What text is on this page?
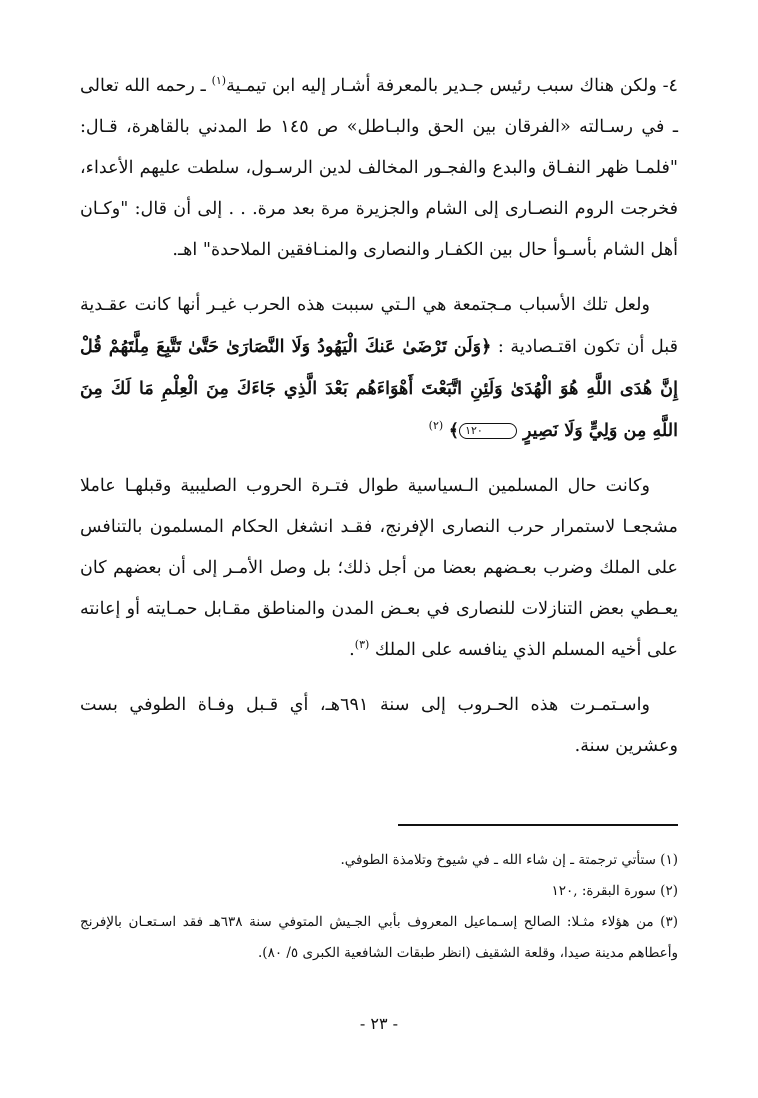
٤- ولكن هناك سبب رئيس جـدير بالمعرفة أشـار إليه ابن تيمـية$^{(١)}$ ـ رحمه الله تعالى ـ في رسـالته «الفرقان بين الحق والبـاطل» ص ١٤٥ ط المدني بالقاهرة، قـال: "فلمـا ظهر النفـاق والبدع والفجـور المخالف لدين الرسـول، سلطت عليهم الأعداء، فخرجت الروم النصـارى إلى الشام والجزيرة مرة بعد مرة. . . إلى أن قال: "وكـان أهل الشام بأسـوأ حال بين الكفـار والنصارى والمنـافقين الملاحدة" اهـ.

ولعل تلك الأسباب مـجتمعة هي الـتي سببت هذه الحرب غيـر أنها كانت عقـدية قبل أن تكون اقتـصادية : ﴿وَلَن تَرْضَىٰ عَنكَ الْيَهُودُ وَلَا النَّصَارَىٰ حَتَّىٰ تَتَّبِعَ مِلَّتَهُمْ قُلْ إِنَّ هُدَى اللَّهِ هُوَ الْهُدَىٰ وَلَئِنِ اتَّبَعْتَ أَهْوَاءَهُم بَعْدَ الَّذِي جَاءَكَ مِنَ الْعِلْمِ مَا لَكَ مِنَ اللَّهِ مِن وَلِيٍّ وَلَا نَصِيرٍ ١٢٠﴾ $^{(٢)}$

وكانت حال المسلمين الـسياسية طوال فتـرة الحروب الصليبية وقبلهـا عاملا مشجعـا لاستمرار حرب النصارى الإفرنج، فقـد انشغل الحكام المسلمون بالتنافس على الملك وضرب بعـضهم بعضا من أجل ذلك؛ بل وصل الأمـر إلى أن بعضهم كان يعـطي بعض التنازلات للنصارى في بعـض المدن والمناطق مقـابل حمـايته أو إعانته على أخيه المسلم الذي ينافسه على الملك $^{(٣)}$.

واسـتمـرت هذه الحـروب إلى سنة ٦٩١هـ، أي قـبل وفـاة الطوفي بست وعشرين سنة.

(١) ستأتي ترجمتة ـ إن شاء الله ـ في شيوخ وتلامذة الطوفي.

(٢) سورة البقرة: ,١٢٠

(٣) من هؤلاء مثـلا: الصالح إسـماعيل المعروف بأبي الجـيش المتوفي سنة ٦٣٨هـ فقد اسـتعـان بالإفرنج وأعطاهم مدينة صيدا، وقلعة الشقيف (انظر طبقات الشافعية الكبرى ٥/ ٨٠).

- ٢٣ -
